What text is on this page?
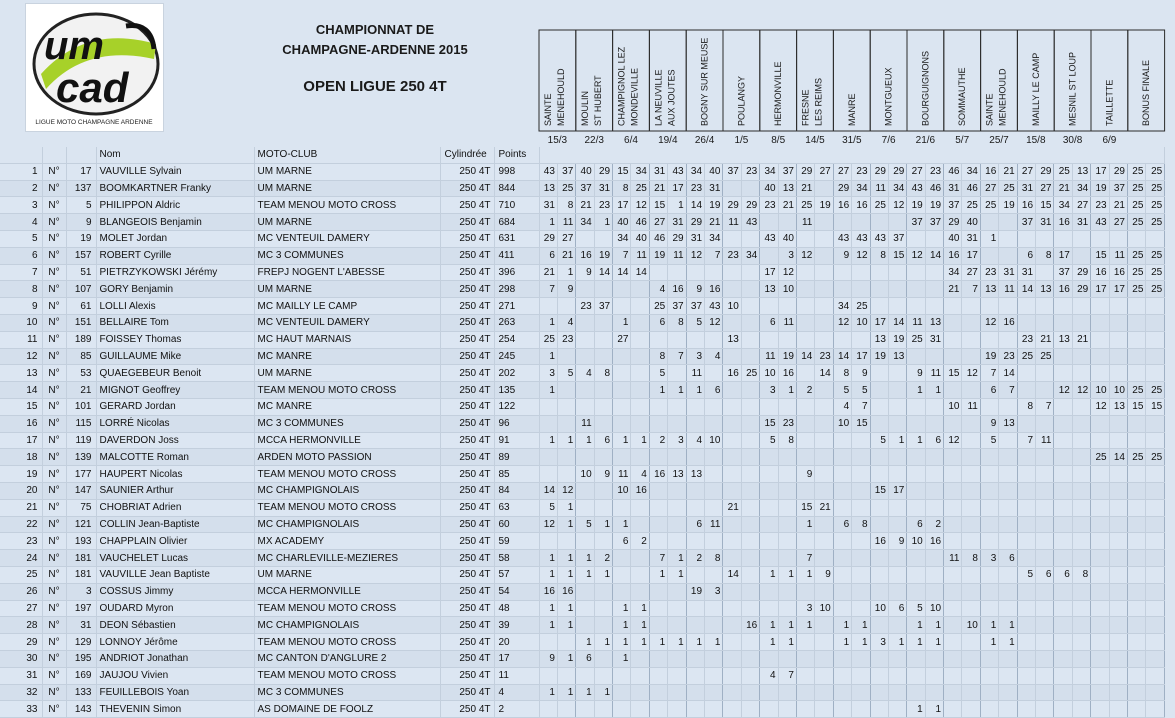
um
cad
LIGUE MOTO CHAMPAGNE ARDENNE
CHAMPIONNAT DE
CHAMPAGNE-ARDENNE 2015
OPEN LIGUE 250 4T
SAINTE MENEHOULD
15/3
MOULIN ST HUBERT
22/3
CHAMPIGNOL LEZ MONDEVILLE
6/4
LA NEUVILLE AUX JOUTES
19/4
BOGNY SUR MEUSE
26/4
POULANGY
1/5
HERMONVILLE
8/5
FRESNE LES REIMS
14/5
MANRE
31/5
MONTGUEUX
7/6
BOURGUIGNONS
21/6
SOMMAUTHE
5/7
SAINTE MENEHOULD
25/7
MAILLY LE CAMP
15/8
MESNIL ST LOUP
30/8
TAILLETTE
6/9
BONUS FINALE
			Nom	MOTO-CLUB	Cylindrée	Points																																		
1	N°	17	VAUVILLE Sylvain	UM MARNE	250 4T	998	43	37	40	29	15	34	31	43	34	40	37	23	34	37	29	27	27	23	29	29	27	23	46	34	16	21	27	29	25	13	17	29	25	25
2	N°	137	BOOMKARTNER Franky	UM MARNE	250 4T	844	13	25	37	31	8	25	21	17	23	31			40	13	21		29	34	11	34	43	46	31	46	27	25	31	27	21	34	19	37	25	25
3	N°	5	PHILIPPON Aldric	TEAM MENOU MOTO CROSS	250 4T	710	31	8	21	23	17	12	15	1	14	19	29	29	23	21	25	19	16	16	25	12	19	19	37	25	25	19	16	15	34	27	23	21	25	25
4	N°	9	BLANGEOIS Benjamin	UM MARNE	250 4T	684	1	11	34	1	40	46	27	31	29	21	11	43			11						37	37	29	40			37	31	16	31	43	27	25	25
5	N°	19	MOLET Jordan	MC VENTEUIL DAMERY	250 4T	631	29	27			34	40	46	29	31	34			43	40			43	43	43	37			40	31	1									
6	N°	157	ROBERT Cyrille	MC 3 COMMUNES	250 4T	411	6	21	16	19	7	11	19	11	12	7	23	34		3	12		9	12	8	15	12	14	16	17			6	8	17		15	11	25	25
7	N°	51	PIETRZYKOWSKI Jérémy	FREPJ NOGENT L'ABESSE	250 4T	396	21	1	9	14	14	14							17	12									34	27	23	31	31		37	29	16	16	25	25
8	N°	107	GORY Benjamin	UM MARNE	250 4T	298	7	9					4	16	9	16			13	10									21	7	13	11	14	13	16	29	17	17	25	25
9	N°	61	LOLLI Alexis	MC MAILLY LE CAMP	250 4T	271			23	37			25	37	37	43	10						34	25																
10	N°	151	BELLAIRE Tom	MC VENTEUIL DAMERY	250 4T	263	1	4			1		6	8	5	12			6	11			12	10	17	14	11	13			12	16								
11	N°	189	FOISSEY Thomas	MC HAUT MARNAIS	250 4T	254	25	23			27						13								13	19	25	31					23	21	13	21				
12	N°	85	GUILLAUME Mike	MC MANRE	250 4T	245	1						8	7	3	4			11	19	14	23	14	17	19	13					19	23	25	25						
13	N°	53	QUAEGEBEUR Benoit	UM MARNE	250 4T	202	3	5	4	8			5		11		16	25	10	16		14	8	9			9	11	15	12	7	14								
14	N°	21	MIGNOT Geoffrey	TEAM MENOU MOTO CROSS	250 4T	135	1						1	1	1	6			3	1	2		5	5			1	1			6	7			12	12	10	10	25	25
15	N°	101	GERARD Jordan	MC MANRE	250 4T	122																	4	7					10	11			8	7			12	13	15	15
16	N°	115	LORRÉ Nicolas	MC 3 COMMUNES	250 4T	96			11										15	23			10	15							9	13								
17	N°	119	DAVERDON Joss	MCCA HERMONVILLE	250 4T	91	1	1	1	6	1	1	2	3	4	10			5	8					5	1	1	6	12		5		7	11						
18	N°	139	MALCOTTE Roman	ARDEN MOTO PASSION	250 4T	89																															25	14	25	25
19	N°	177	HAUPERT Nicolas	TEAM MENOU MOTO CROSS	250 4T	85			10	9	11	4	16	13	13						9																			
20	N°	147	SAUNIER Arthur	MC CHAMPIGNOLAIS	250 4T	84	14	12			10	16													15	17														
21	N°	75	CHOBRIAT Adrien	TEAM MENOU MOTO CROSS	250 4T	63	5	1									21				15	21																		
22	N°	121	COLLIN Jean-Baptiste	MC CHAMPIGNOLAIS	250 4T	60	12	1	5	1	1				6	11					1		6	8			6	2												
23	N°	193	CHAPPLAIN Olivier	MX ACADEMY	250 4T	59					6	2													16	9	10	16												
24	N°	181	VAUCHELET Lucas	MC CHARLEVILLE-MEZIERES	250 4T	58	1	1	1	2			7	1	2	8					7								11	8	3	6								
25	N°	181	VAUVILLE Jean Baptiste	UM MARNE	250 4T	57	1	1	1	1			1	1			14		1	1	1	9											5	6	6	8				
26	N°	3	COSSUS Jimmy	MCCA HERMONVILLE	250 4T	54	16	16							19	3																								
27	N°	197	OUDARD Myron	TEAM MENOU MOTO CROSS	250 4T	48	1	1			1	1									3	10			10	6	5	10												
28	N°	31	DEON Sébastien	MC CHAMPIGNOLAIS	250 4T	39	1	1			1	1						16	1	1	1		1	1			1	1		10	1	1								
29	N°	129	LONNOY Jérôme	TEAM MENOU MOTO CROSS	250 4T	20			1	1	1	1	1	1	1	1			1	1			1	1	3	1	1	1			1	1								
30	N°	195	ANDRIOT Jonathan	MC CANTON D'ANGLURE 2	250 4T	17	9	1	6		1																													
31	N°	169	JAUJOU Vivien	TEAM MENOU MOTO CROSS	250 4T	11													4	7																				
32	N°	133	FEUILLEBOIS Yoan	MC 3 COMMUNES	250 4T	4	1	1	1	1																														
33	N°	143	THEVENIN Simon	AS DOMAINE DE FOOLZ	250 4T	2																					1	1												
